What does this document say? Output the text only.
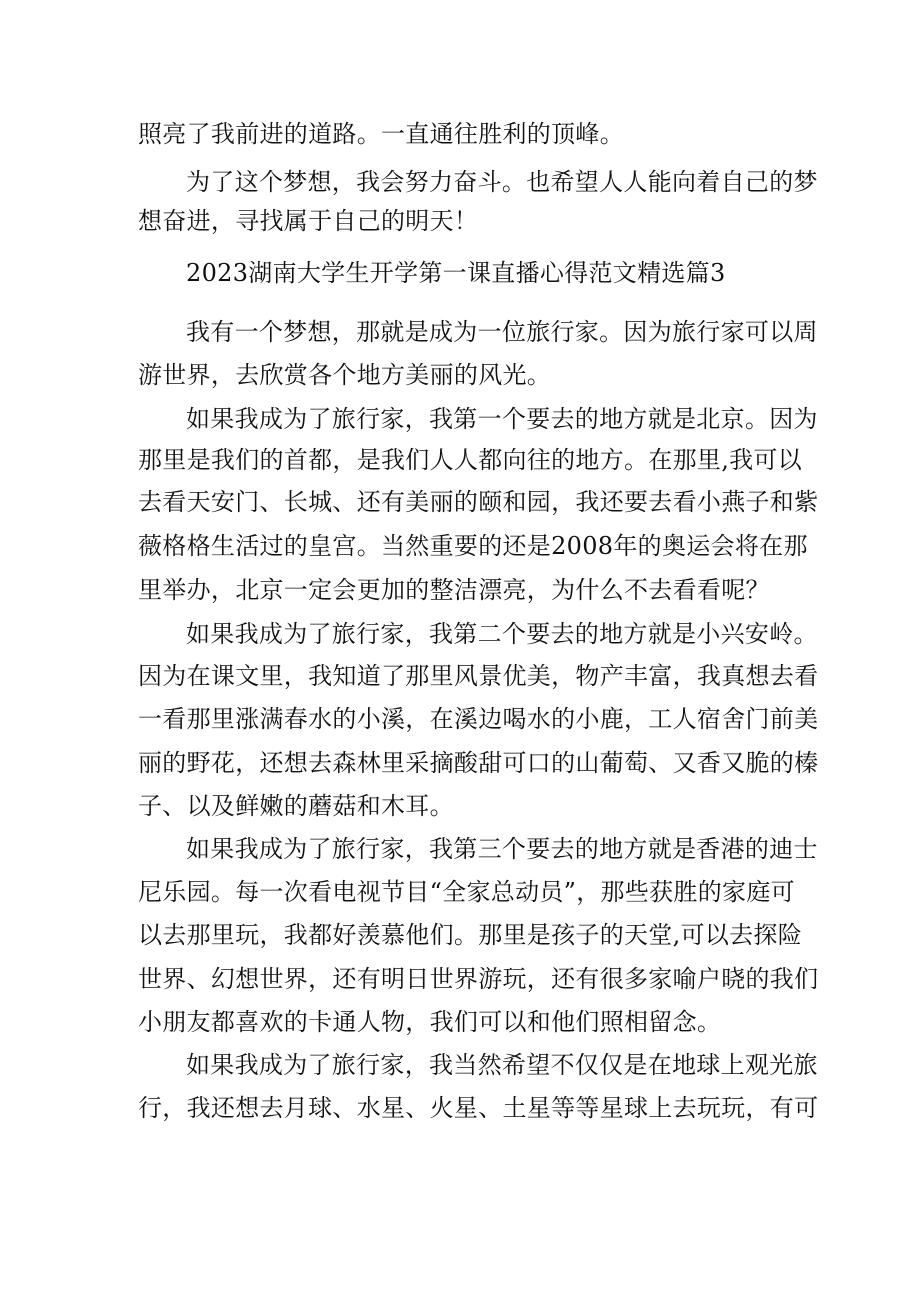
照亮了我前进的道路。一直通往胜利的顶峰。
为了这个梦想，我会努力奋斗。也希望人人能向着自己的梦
想奋进，寻找属于自己的明天！
2023湖南大学生开学第一课直播心得范文精选篇3
我有一个梦想，那就是成为一位旅行家。因为旅行家可以周
游世界，去欣赏各个地方美丽的风光。
如果我成为了旅行家，我第一个要去的地方就是北京。因为
那里是我们的首都，是我们人人都向往的地方。在那里,我可以
去看天安门、长城、还有美丽的颐和园，我还要去看小燕子和紫
薇格格生活过的皇宫。当然重要的还是2008年的奥运会将在那
里举办，北京一定会更加的整洁漂亮，为什么不去看看呢？
如果我成为了旅行家，我第二个要去的地方就是小兴安岭。
因为在课文里，我知道了那里风景优美，物产丰富，我真想去看
一看那里涨满春水的小溪，在溪边喝水的小鹿，工人宿舍门前美
丽的野花，还想去森林里采摘酸甜可口的山葡萄、又香又脆的榛
子、以及鲜嫩的蘑菇和木耳。
如果我成为了旅行家，我第三个要去的地方就是香港的迪士
尼乐园。每一次看电视节目“全家总动员”，那些获胜的家庭可
以去那里玩，我都好羡慕他们。那里是孩子的天堂,可以去探险
世界、幻想世界，还有明日世界游玩，还有很多家喻户晓的我们
小朋友都喜欢的卡通人物，我们可以和他们照相留念。
如果我成为了旅行家，我当然希望不仅仅是在地球上观光旅
行，我还想去月球、水星、火星、土星等等星球上去玩玩，有可
